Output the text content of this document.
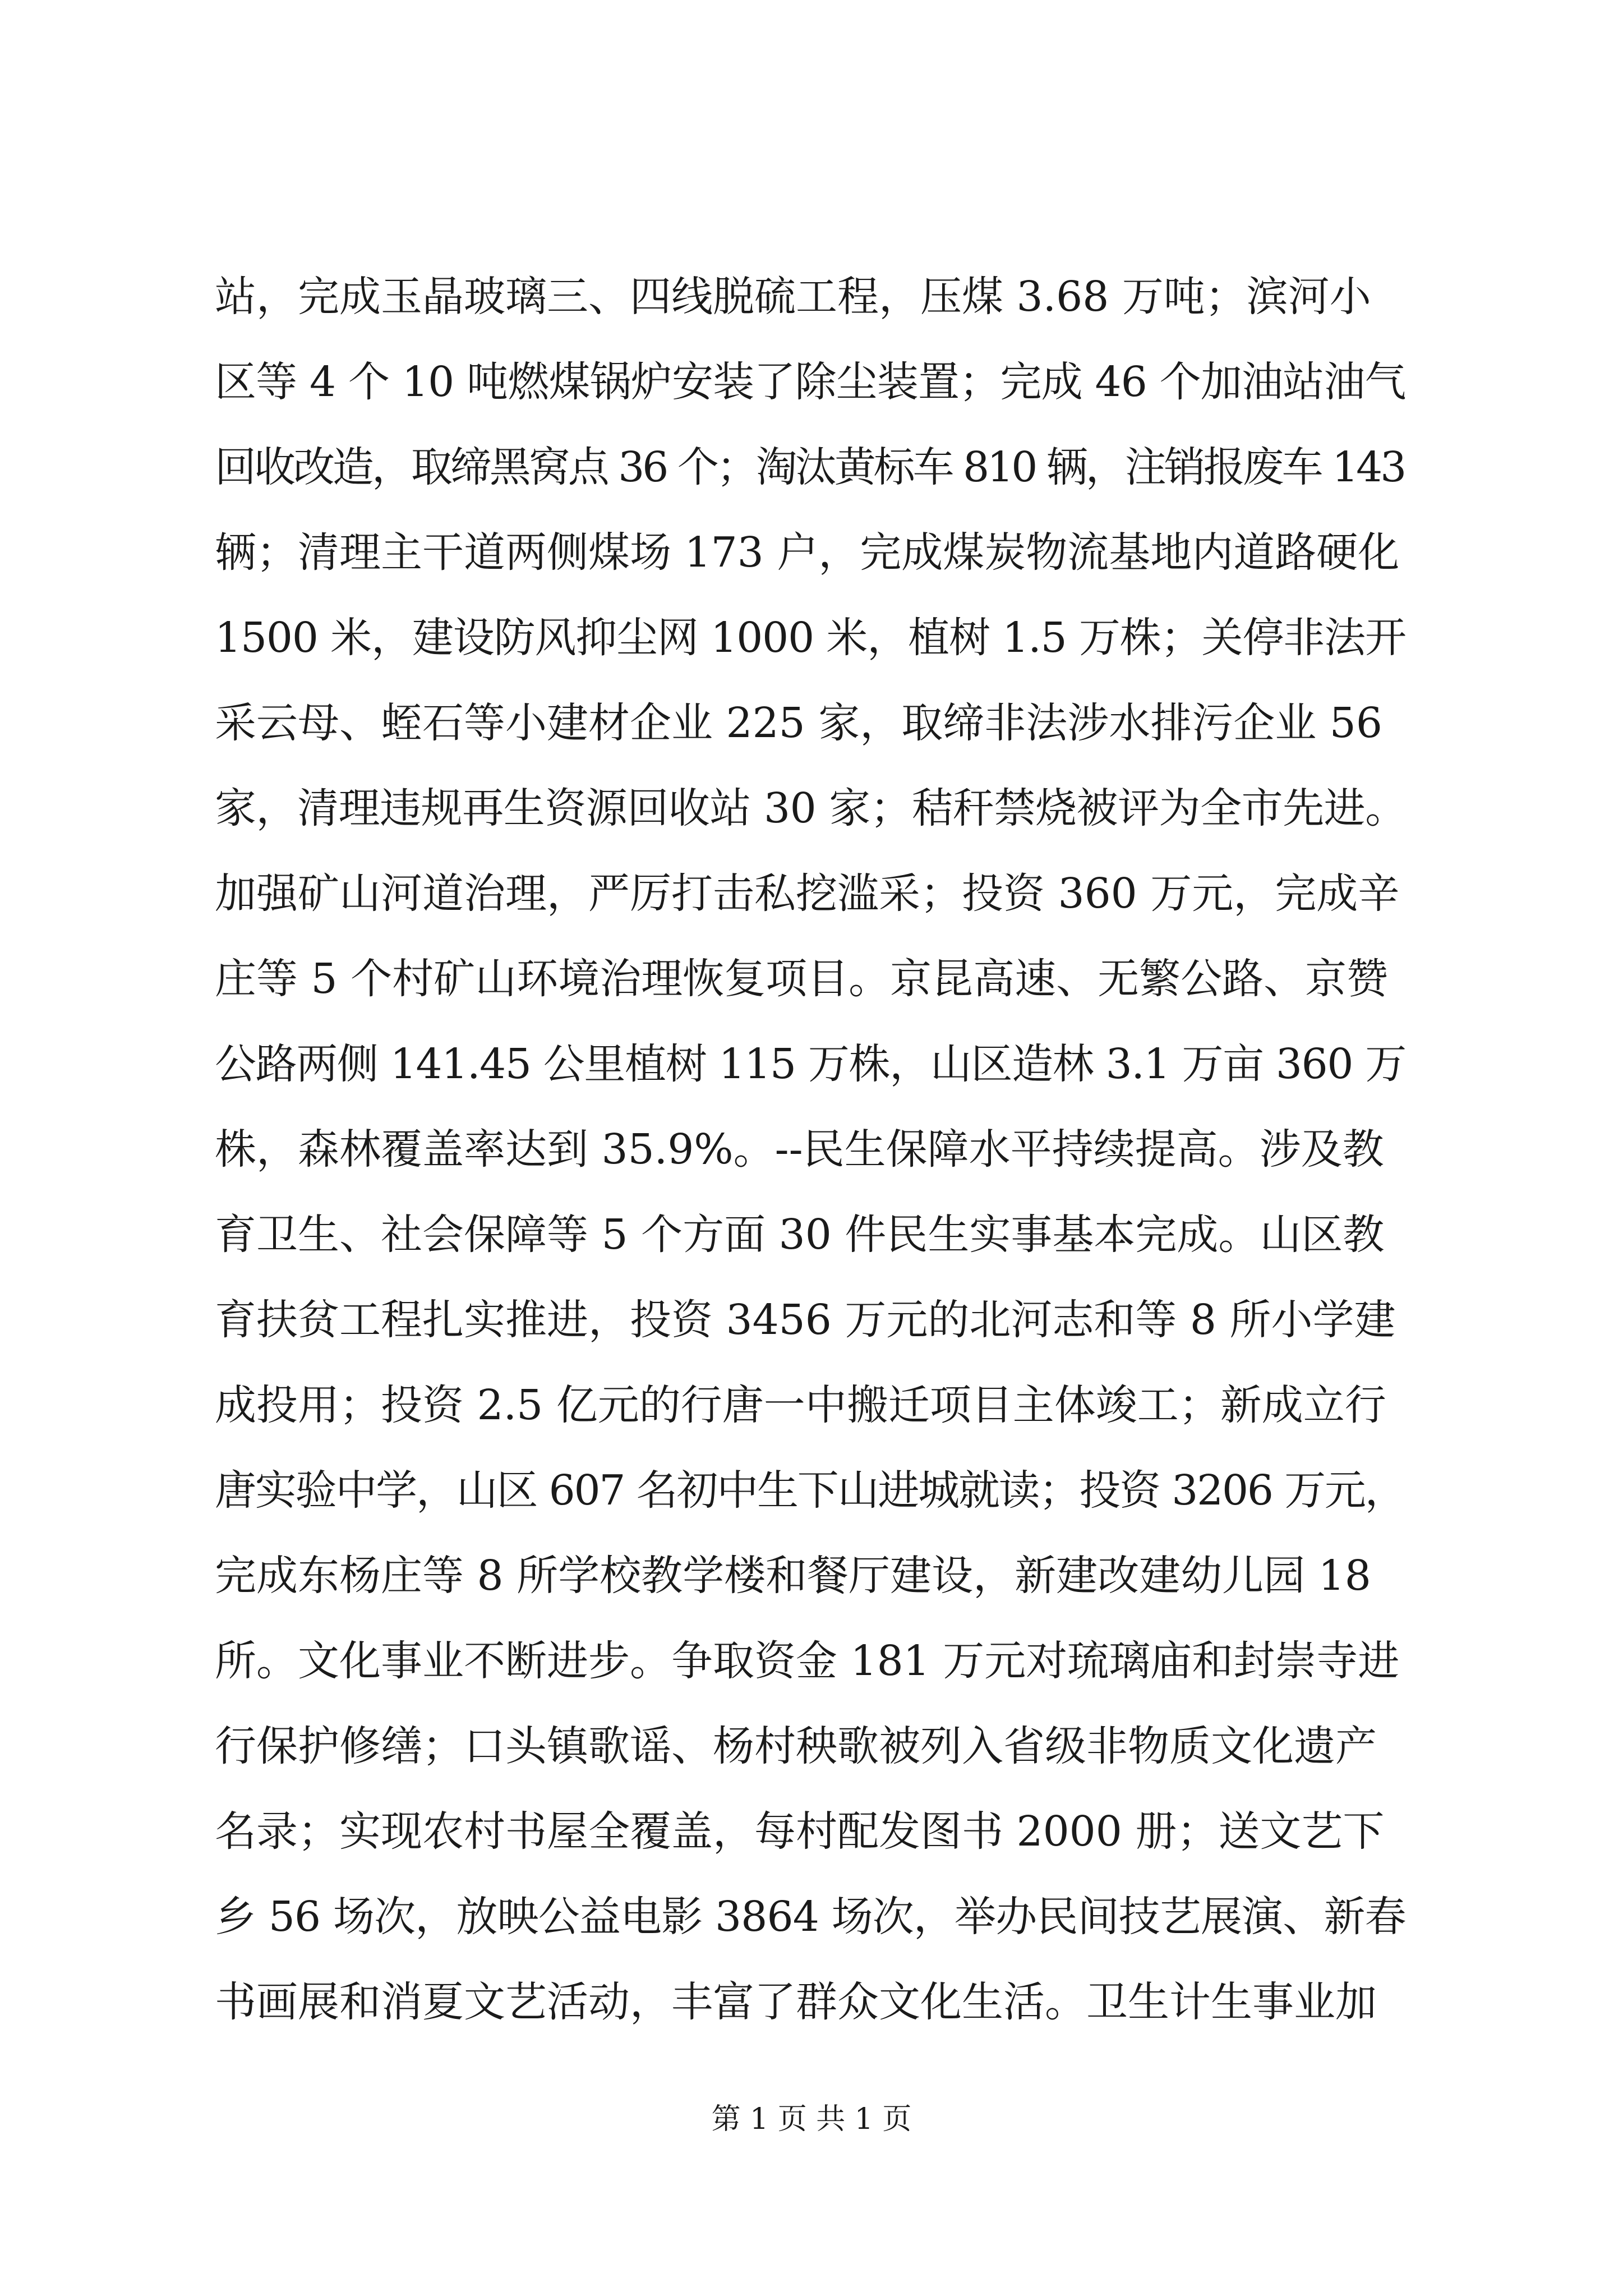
站，完成玉晶玻璃三、四线脱硫工程，压煤 3.68 万吨；滨河小
区等 4 个 10 吨燃煤锅炉安装了除尘装置；完成 46 个加油站油气
回收改造，取缔黑窝点 36 个；淘汰黄标车 810 辆，注销报废车 143
辆；清理主干道两侧煤场 173 户，完成煤炭物流基地内道路硬化
1500 米，建设防风抑尘网 1000 米，植树 1.5 万株；关停非法开
采云母、蛭石等小建材企业 225 家，取缔非法涉水排污企业 56
家，清理违规再生资源回收站 30 家；秸秆禁烧被评为全市先进。
加强矿山河道治理，严厉打击私挖滥采；投资 360 万元，完成辛
庄等 5 个村矿山环境治理恢复项目。京昆高速、无繁公路、京赞
公路两侧 141.45 公里植树 115 万株，山区造林 3.1 万亩 360 万
株，森林覆盖率达到 35.9%。--民生保障水平持续提高。涉及教
育卫生、社会保障等 5 个方面 30 件民生实事基本完成。山区教
育扶贫工程扎实推进，投资 3456 万元的北河志和等 8 所小学建
成投用；投资 2.5 亿元的行唐一中搬迁项目主体竣工；新成立行
唐实验中学，山区 607 名初中生下山进城就读；投资 3206 万元，
完成东杨庄等 8 所学校教学楼和餐厅建设，新建改建幼儿园 18
所。文化事业不断进步。争取资金 181 万元对琉璃庙和封崇寺进
行保护修缮；口头镇歌谣、杨村秧歌被列入省级非物质文化遗产
名录；实现农村书屋全覆盖，每村配发图书 2000 册；送文艺下
乡 56 场次，放映公益电影 3864 场次，举办民间技艺展演、新春
书画展和消夏文艺活动，丰富了群众文化生活。卫生计生事业加
第 1 页 共 1 页
